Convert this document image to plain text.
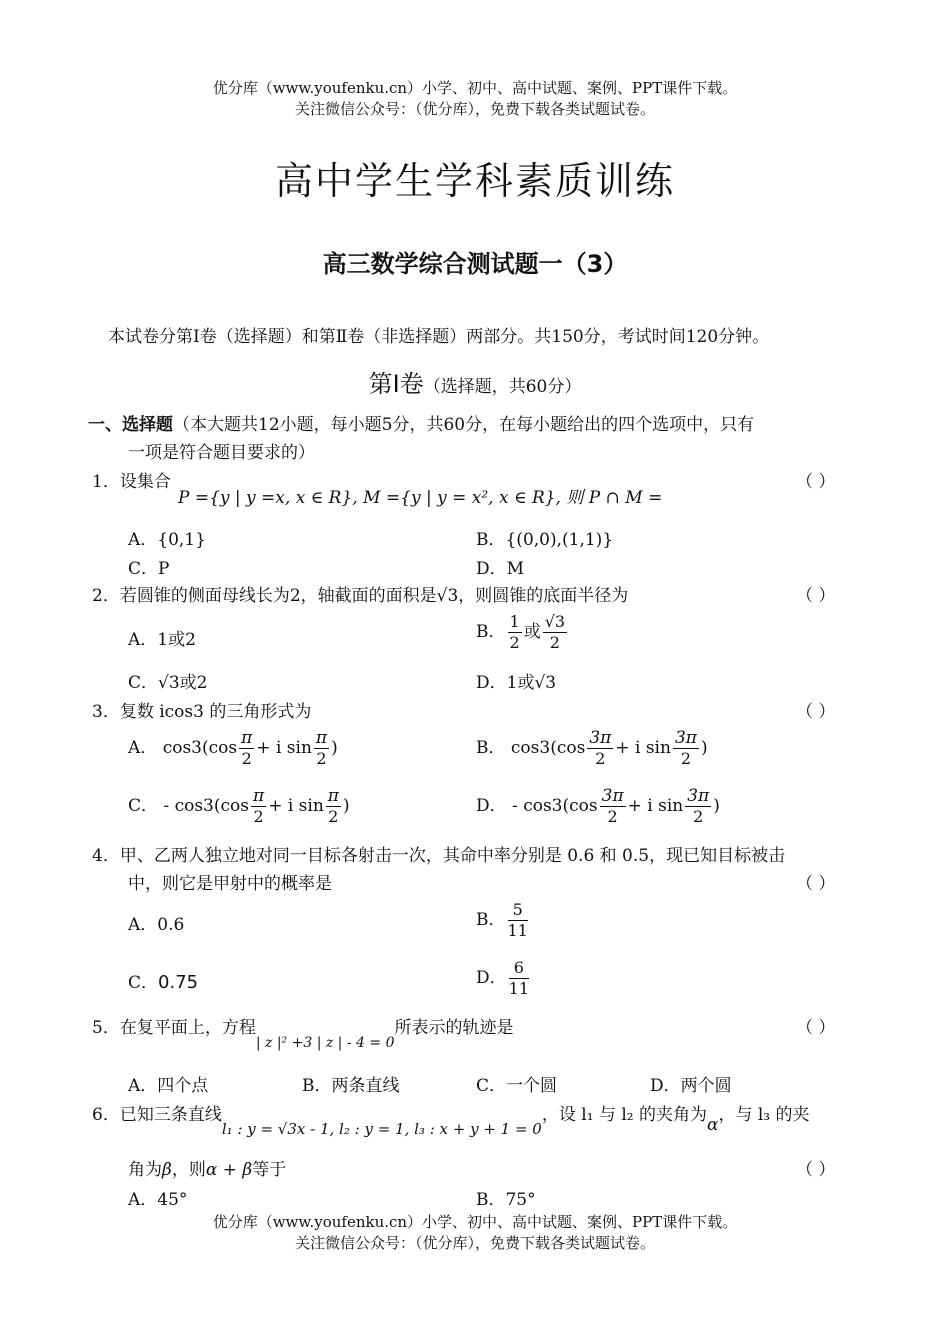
优分库（www.youfenku.cn）小学、初中、高中试题、案例、PPT课件下载。
关注微信公众号：（优分库），免费下载各类试题试卷。
高中学生学科素质训练
高三数学综合测试题一（3）
本试卷分第Ⅰ卷（选择题）和第Ⅱ卷（非选择题）两部分。共150分，考试时间120分钟。
第Ⅰ卷（选择题，共60分）
一、选择题（本大题共12小题，每小题5分，共60分，在每小题给出的四个选项中，只有
一项是符合题目要求的）
1．设集合
P ={y | y =x, x ∈ R}, M ={y | y = x², x ∈ R}, 则 P ∩ M =
（ ）
A．{0,1}	B．{(0,0),(1,1)}
C．P	D．M
2．若圆锥的侧面母线长为2，轴截面的面积是√3，则圆锥的底面半径为	（ ）
A．1或2	B． $\frac{1}{2}$ 或 $\frac{√3}{2}$
C．√3或2	D．1或√3
3．复数 icos3 的三角形式为	（ ）
A． $\cos 3(\cos \frac{\pi}{2} + i$ $\sin \frac{\pi}{2}$ )	B． $\cos 3(\cos \frac{3\pi}{2} + i$ $\sin \frac{3\pi}{2}$ )
C． - $\cos 3(\cos \frac{\pi}{2} + i$ $\sin \frac{\pi}{2}$ )	D． - $\cos 3(\cos \frac{3\pi}{2} + i$ $\sin \frac{3\pi}{2}$ )
4．甲、乙两人独立地对同一目标各射击一次，其命中率分别是 0.6 和 0.5，现已知目标被击
中，则它是甲射中的概率是	（ ）
A．0.6	B． $\frac{5}{11}$
C．0.75	D． $\frac{6}{11}$
5．在复平面上，方程$_{| z |^2 +3 | z | - 4 = 0}$所表示的轨迹是	（ ）
A．四个点	B．两条直线	C．一个圆	D．两个圆
6．已知三条直线l₁ : y = √3x - 1, l₂ : y = 1, l₃ : x + y + 1 = 0，设 l₁ 与 l₂ 的夹角为α，与 l₃ 的夹
角为β，则α + β等于	（ ）
A．45°	B．75°
优分库（www.youfenku.cn）小学、初中、高中试题、案例、PPT课件下载。
关注微信公众号：（优分库），免费下载各类试题试卷。
